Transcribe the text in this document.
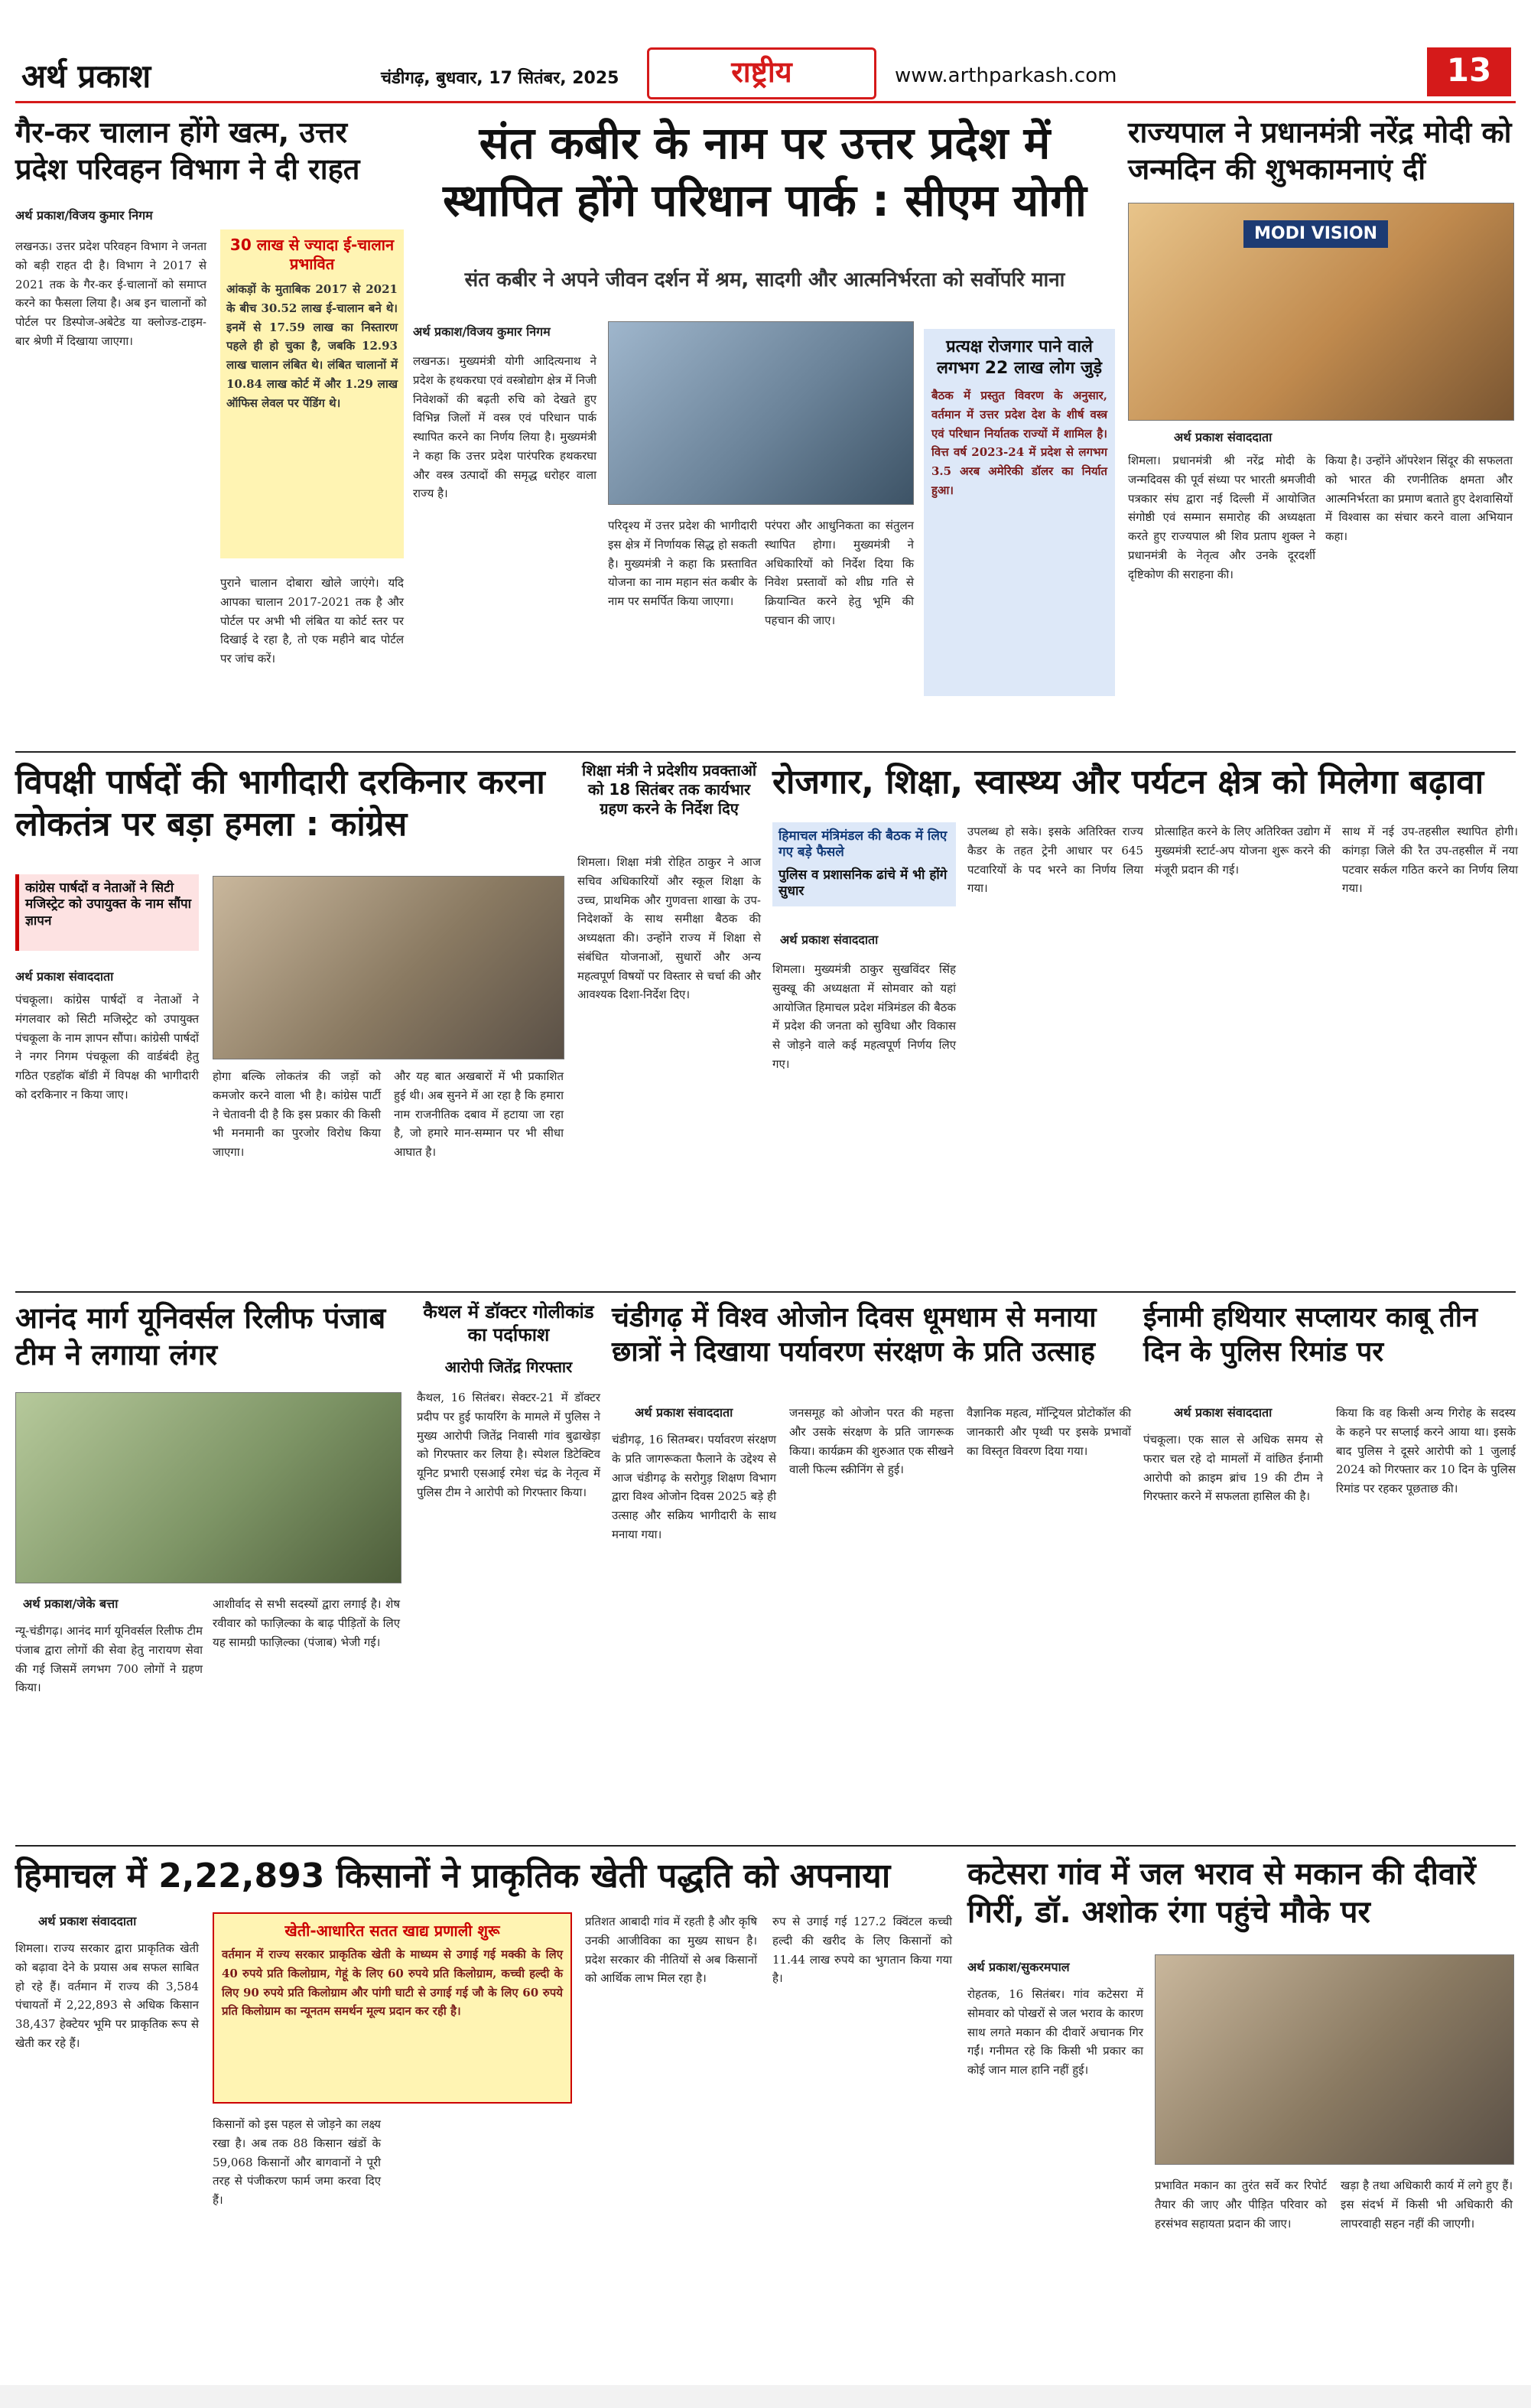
अर्थ प्रकाश	चंडीगढ़, बुधवार, 17 सितंबर, 2025	राष्ट्रीय	www.arthparkash.com	13
गैर-कर चालान होंगे खत्म, उत्तर प्रदेश परिवहन विभाग ने दी राहत
अर्थ प्रकाश/विजय कुमार निगम
लखनऊ। उत्तर प्रदेश परिवहन विभाग ने जनता को बड़ी राहत दी है। विभाग ने 2017 से 2021 तक के गैर-कर ई-चालानों को समाप्त करने का फैसला लिया है। अब इन चालानों को पोर्टल पर डिस्पोज-अबेटेड या क्लोज्ड-टाइम-बार श्रेणी में दिखाया जाएगा।
30 लाख से ज्यादा ई-चालान प्रभावित
आंकड़ों के मुताबिक 2017 से 2021 के बीच 30.52 लाख ई-चालान बने थे। इनमें से 17.59 लाख का निस्तारण पहले ही हो चुका है, जबकि 12.93 लाख चालान लंबित थे। लंबित चालानों में 10.84 लाख कोर्ट में और 1.29 लाख ऑफिस लेवल पर पेंडिंग थे।
पुराने चालान दोबारा खोले जाएंगे। यदि आपका चालान 2017-2021 तक है और पोर्टल पर अभी भी लंबित या कोर्ट स्तर पर दिखाई दे रहा है, तो एक महीने बाद पोर्टल पर जांच करें।
संत कबीर के नाम पर उत्तर प्रदेश में स्थापित होंगे परिधान पार्क : सीएम योगी
संत कबीर ने अपने जीवन दर्शन में श्रम, सादगी और आत्मनिर्भरता को सर्वोपरि माना
अर्थ प्रकाश/विजय कुमार निगम
लखनऊ। मुख्यमंत्री योगी आदित्यनाथ ने प्रदेश के हथकरघा एवं वस्त्रोद्योग क्षेत्र में निजी निवेशकों की बढ़ती रुचि को देखते हुए विभिन्न जिलों में वस्त्र एवं परिधान पार्क स्थापित करने का निर्णय लिया है। मुख्यमंत्री ने कहा कि उत्तर प्रदेश पारंपरिक हथकरघा और वस्त्र उत्पादों की समृद्ध धरोहर वाला राज्य है।
परिदृश्य में उत्तर प्रदेश की भागीदारी इस क्षेत्र में निर्णायक सिद्ध हो सकती है। मुख्यमंत्री ने कहा कि प्रस्तावित योजना का नाम महान संत कबीर के नाम पर समर्पित किया जाएगा।
परंपरा और आधुनिकता का संतुलन स्थापित होगा। मुख्यमंत्री ने अधिकारियों को निर्देश दिया कि निवेश प्रस्तावों को शीघ्र गति से क्रियान्वित करने हेतु भूमि की पहचान की जाए।
प्रत्यक्ष रोजगार पाने वाले लगभग 22 लाख लोग जुड़े
बैठक में प्रस्तुत विवरण के अनुसार, वर्तमान में उत्तर प्रदेश देश के शीर्ष वस्त्र एवं परिधान निर्यातक राज्यों में शामिल है। वित्त वर्ष 2023-24 में प्रदेश से लगभग 3.5 अरब अमेरिकी डॉलर का निर्यात हुआ।
राज्यपाल ने प्रधानमंत्री नरेंद्र मोदी को जन्मदिन की शुभकामनाएं दीं
MODI VISION
अर्थ प्रकाश संवाददाता
शिमला। प्रधानमंत्री श्री नरेंद्र मोदी के जन्मदिवस की पूर्व संध्या पर भारती श्रमजीवी पत्रकार संघ द्वारा नई दिल्ली में आयोजित संगोष्ठी एवं सम्मान समारोह की अध्यक्षता करते हुए राज्यपाल श्री शिव प्रताप शुक्ल ने प्रधानमंत्री के नेतृत्व और उनके दूरदर्शी दृष्टिकोण की सराहना की।
किया है। उन्होंने ऑपरेशन सिंदूर की सफलता को भारत की रणनीतिक क्षमता और आत्मनिर्भरता का प्रमाण बताते हुए देशवासियों में विश्वास का संचार करने वाला अभियान कहा।
विपक्षी पार्षदों की भागीदारी दरकिनार करना लोकतंत्र पर बड़ा हमला : कांग्रेस
कांग्रेस पार्षदों व नेताओं ने सिटी मजिस्ट्रेट को उपायुक्त के नाम सौंपा ज्ञापन
अर्थ प्रकाश संवाददाता
पंचकूला। कांग्रेस पार्षदों व नेताओं ने मंगलवार को सिटी मजिस्ट्रेट को उपायुक्त पंचकूला के नाम ज्ञापन सौंपा। कांग्रेसी पार्षदों ने नगर निगम पंचकूला की वार्डबंदी हेतु गठित एडहॉक बॉडी में विपक्ष की भागीदारी को दरकिनार न किया जाए।
होगा बल्कि लोकतंत्र की जड़ों को कमजोर करने वाला भी है। कांग्रेस पार्टी ने चेतावनी दी है कि इस प्रकार की किसी भी मनमानी का पुरजोर विरोध किया जाएगा।
और यह बात अखबारों में भी प्रकाशित हुई थी। अब सुनने में आ रहा है कि हमारा नाम राजनीतिक दबाव में हटाया जा रहा है, जो हमारे मान-सम्मान पर भी सीधा आघात है।
शिक्षा मंत्री ने प्रदेशीय प्रवक्ताओं को 18 सितंबर तक कार्यभार ग्रहण करने के निर्देश दिए
शिमला। शिक्षा मंत्री रोहित ठाकुर ने आज सचिव अधिकारियों और स्कूल शिक्षा के उच्च, प्राथमिक और गुणवत्ता शाखा के उप-निदेशकों के साथ समीक्षा बैठक की अध्यक्षता की। उन्होंने राज्य में शिक्षा से संबंधित योजनाओं, सुधारों और अन्य महत्वपूर्ण विषयों पर विस्तार से चर्चा की और आवश्यक दिशा-निर्देश दिए।
रोजगार, शिक्षा, स्वास्थ्य और पर्यटन क्षेत्र को मिलेगा बढ़ावा
हिमाचल मंत्रिमंडल की बैठक में लिए गए बड़े फैसले
पुलिस व प्रशासनिक ढांचे में भी होंगे सुधार
अर्थ प्रकाश संवाददाता
शिमला। मुख्यमंत्री ठाकुर सुखविंदर सिंह सुक्खू की अध्यक्षता में सोमवार को यहां आयोजित हिमाचल प्रदेश मंत्रिमंडल की बैठक में प्रदेश की जनता को सुविधा और विकास से जोड़ने वाले कई महत्वपूर्ण निर्णय लिए गए।
उपलब्ध हो सके। इसके अतिरिक्त राज्य कैडर के तहत ट्रेनी आधार पर 645 पटवारियों के पद भरने का निर्णय लिया गया।
प्रोत्साहित करने के लिए अतिरिक्त उद्योग में मुख्यमंत्री स्टार्ट-अप योजना शुरू करने की मंजूरी प्रदान की गई।
साथ में नई उप-तहसील स्थापित होगी। कांगड़ा जिले की रैत उप-तहसील में नया पटवार सर्कल गठित करने का निर्णय लिया गया।
आनंद मार्ग यूनिवर्सल रिलीफ पंजाब टीम ने लगाया लंगर
अर्थ प्रकाश/जेके बत्ता
न्यू-चंडीगढ़। आनंद मार्ग यूनिवर्सल रिलीफ टीम पंजाब द्वारा लोगों की सेवा हेतु नारायण सेवा की गई जिसमें लगभग 700 लोगों ने ग्रहण किया।
आशीर्वाद से सभी सदस्यों द्वारा लगाई है। शेष रवीवार को फाज़िल्का के बाढ़ पीड़ितों के लिए यह सामग्री फाज़िल्का (पंजाब) भेजी गई।
कैथल में डॉक्टर गोलीकांड का पर्दाफाश
आरोपी जितेंद्र गिरफ्तार
कैथल, 16 सितंबर। सेक्टर-21 में डॉक्टर प्रदीप पर हुई फायरिंग के मामले में पुलिस ने मुख्य आरोपी जितेंद्र निवासी गांव बुढाखेड़ा को गिरफ्तार कर लिया है। स्पेशल डिटेक्टिव यूनिट प्रभारी एसआई रमेश चंद्र के नेतृत्व में पुलिस टीम ने आरोपी को गिरफ्तार किया।
चंडीगढ़ में विश्व ओजोन दिवस धूमधाम से मनाया छात्रों ने दिखाया पर्यावरण संरक्षण के प्रति उत्साह
अर्थ प्रकाश संवाददाता
चंडीगढ़, 16 सितम्बर। पर्यावरण संरक्षण के प्रति जागरूकता फैलाने के उद्देश्य से आज चंडीगढ़ के सरोगुड़ शिक्षण विभाग द्वारा विश्व ओजोन दिवस 2025 बड़े ही उत्साह और सक्रिय भागीदारी के साथ मनाया गया।
जनसमूह को ओजोन परत की महत्ता और उसके संरक्षण के प्रति जागरूक किया। कार्यक्रम की शुरुआत एक सीखने वाली फिल्म स्क्रीनिंग से हुई।
वैज्ञानिक महत्व, मॉन्ट्रियल प्रोटोकॉल की जानकारी और पृथ्वी पर इसके प्रभावों का विस्तृत विवरण दिया गया।
ईनामी हथियार सप्लायर काबू तीन दिन के पुलिस रिमांड पर
अर्थ प्रकाश संवाददाता
पंचकूला। एक साल से अधिक समय से फरार चल रहे दो मामलों में वांछित ईनामी आरोपी को क्राइम ब्रांच 19 की टीम ने गिरफ्तार करने में सफलता हासिल की है।
किया कि वह किसी अन्य गिरोह के सदस्य के कहने पर सप्लाई करने आया था। इसके बाद पुलिस ने दूसरे आरोपी को 1 जुलाई 2024 को गिरफ्तार कर 10 दिन के पुलिस रिमांड पर रहकर पूछताछ की।
हिमाचल में 2,22,893 किसानों ने प्राकृतिक खेती पद्धति को अपनाया
अर्थ प्रकाश संवाददाता
शिमला। राज्य सरकार द्वारा प्राकृतिक खेती को बढ़ावा देने के प्रयास अब सफल साबित हो रहे हैं। वर्तमान में राज्य की 3,584 पंचायतों में 2,22,893 से अधिक किसान 38,437 हेक्टेयर भूमि पर प्राकृतिक रूप से खेती कर रहे हैं।
खेती-आधारित सतत खाद्य प्रणाली शुरू
वर्तमान में राज्य सरकार प्राकृतिक खेती के माध्यम से उगाई गई मक्की के लिए 40 रुपये प्रति किलोग्राम, गेहूं के लिए 60 रुपये प्रति किलोग्राम, कच्ची हल्दी के लिए 90 रुपये प्रति किलोग्राम और पांगी घाटी से उगाई गई जौ के लिए 60 रुपये प्रति किलोग्राम का न्यूनतम समर्थन मूल्य प्रदान कर रही है।
किसानों को इस पहल से जोड़ने का लक्ष्य रखा है। अब तक 88 किसान खंडों के 59,068 किसानों और बागवानों ने पूरी तरह से पंजीकरण फार्म जमा करवा दिए हैं।
प्रतिशत आबादी गांव में रहती है और कृषि उनकी आजीविका का मुख्य साधन है। प्रदेश सरकार की नीतियों से अब किसानों को आर्थिक लाभ मिल रहा है।
रुप से उगाई गई 127.2 क्विंटल कच्ची हल्दी की खरीद के लिए किसानों को 11.44 लाख रुपये का भुगतान किया गया है।
कटेसरा गांव में जल भराव से मकान की दीवारें गिरीं, डॉ. अशोक रंगा पहुंचे मौके पर
अर्थ प्रकाश/सुकरमपाल
रोहतक, 16 सितंबर। गांव कटेसरा में सोमवार को पोखरों से जल भराव के कारण साथ लगते मकान की दीवारें अचानक गिर गईं। गनीमत रहे कि किसी भी प्रकार का कोई जान माल हानि नहीं हुई।
प्रभावित मकान का तुरंत सर्वे कर रिपोर्ट तैयार की जाए और पीड़ित परिवार को हरसंभव सहायता प्रदान की जाए।
खड़ा है तथा अधिकारी कार्य में लगे हुए हैं। इस संदर्भ में किसी भी अधिकारी की लापरवाही सहन नहीं की जाएगी।
